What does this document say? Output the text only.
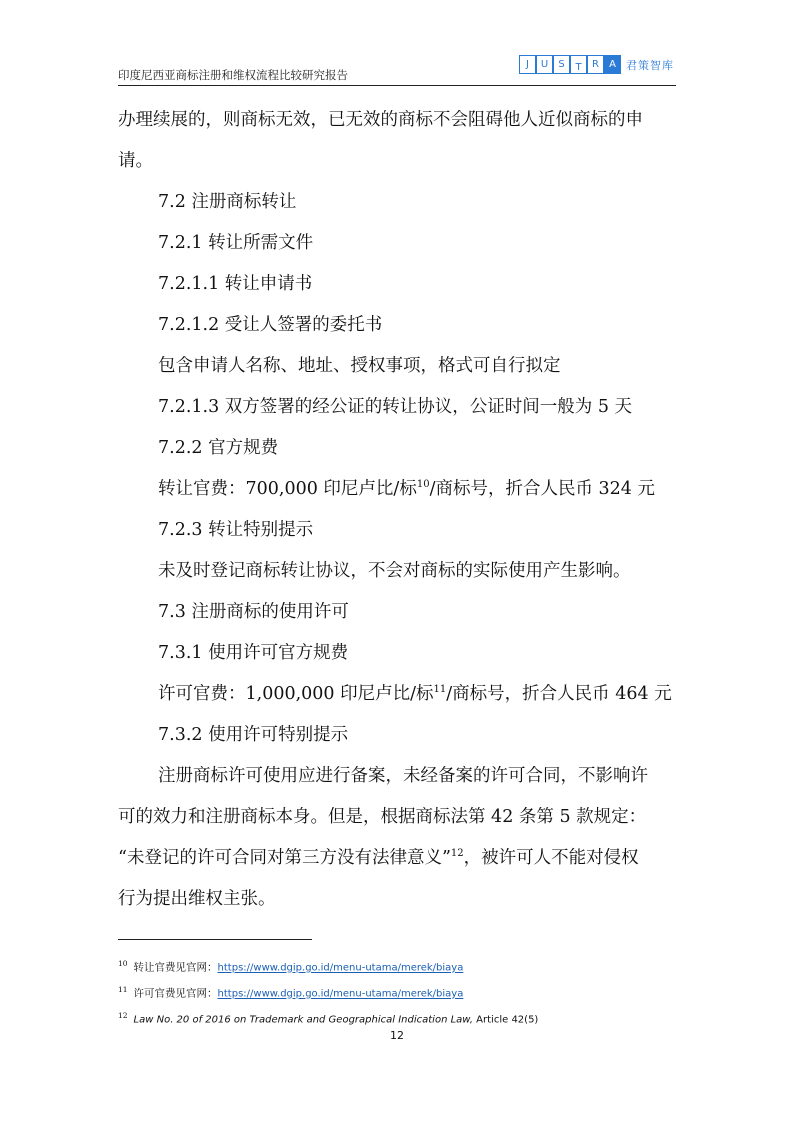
印度尼西亚商标注册和维权流程比较研究报告
J	U	S	T	R	A 君策智库
办理续展的，则商标无效，已无效的商标不会阻碍他人近似商标的申
请。
7.2 注册商标转让
7.2.1 转让所需文件
7.2.1.1 转让申请书
7.2.1.2 受让人签署的委托书
包含申请人名称、地址、授权事项，格式可自行拟定
7.2.1.3 双方签署的经公证的转让协议，公证时间一般为 5 天
7.2.2 官方规费
转让官费：700,000 印尼卢比/标$^{10}$/商标号，折合人民币 324 元
7.2.3 转让特别提示
未及时登记商标转让协议，不会对商标的实际使用产生影响。
7.3 注册商标的使用许可
7.3.1 使用许可官方规费
许可官费：1,000,000 印尼卢比/标$^{11}$/商标号，折合人民币 464 元
7.3.2 使用许可特别提示
注册商标许可使用应进行备案，未经备案的许可合同，不影响许
可的效力和注册商标本身。但是，根据商标法第 42 条第 5 款规定：
“未登记的许可合同对第三方没有法律意义”$^{12}$，被许可人不能对侵权
行为提出维权主张。
$^{10}$ 转让官费见官网：https://www.dgip.go.id/menu-utama/merek/biaya
$^{11}$ 许可官费见官网：https://www.dgip.go.id/menu-utama/merek/biaya
$^{12}$ Law No. 20 of 2016 on Trademark and Geographical Indication Law, Article 42(5)
12
